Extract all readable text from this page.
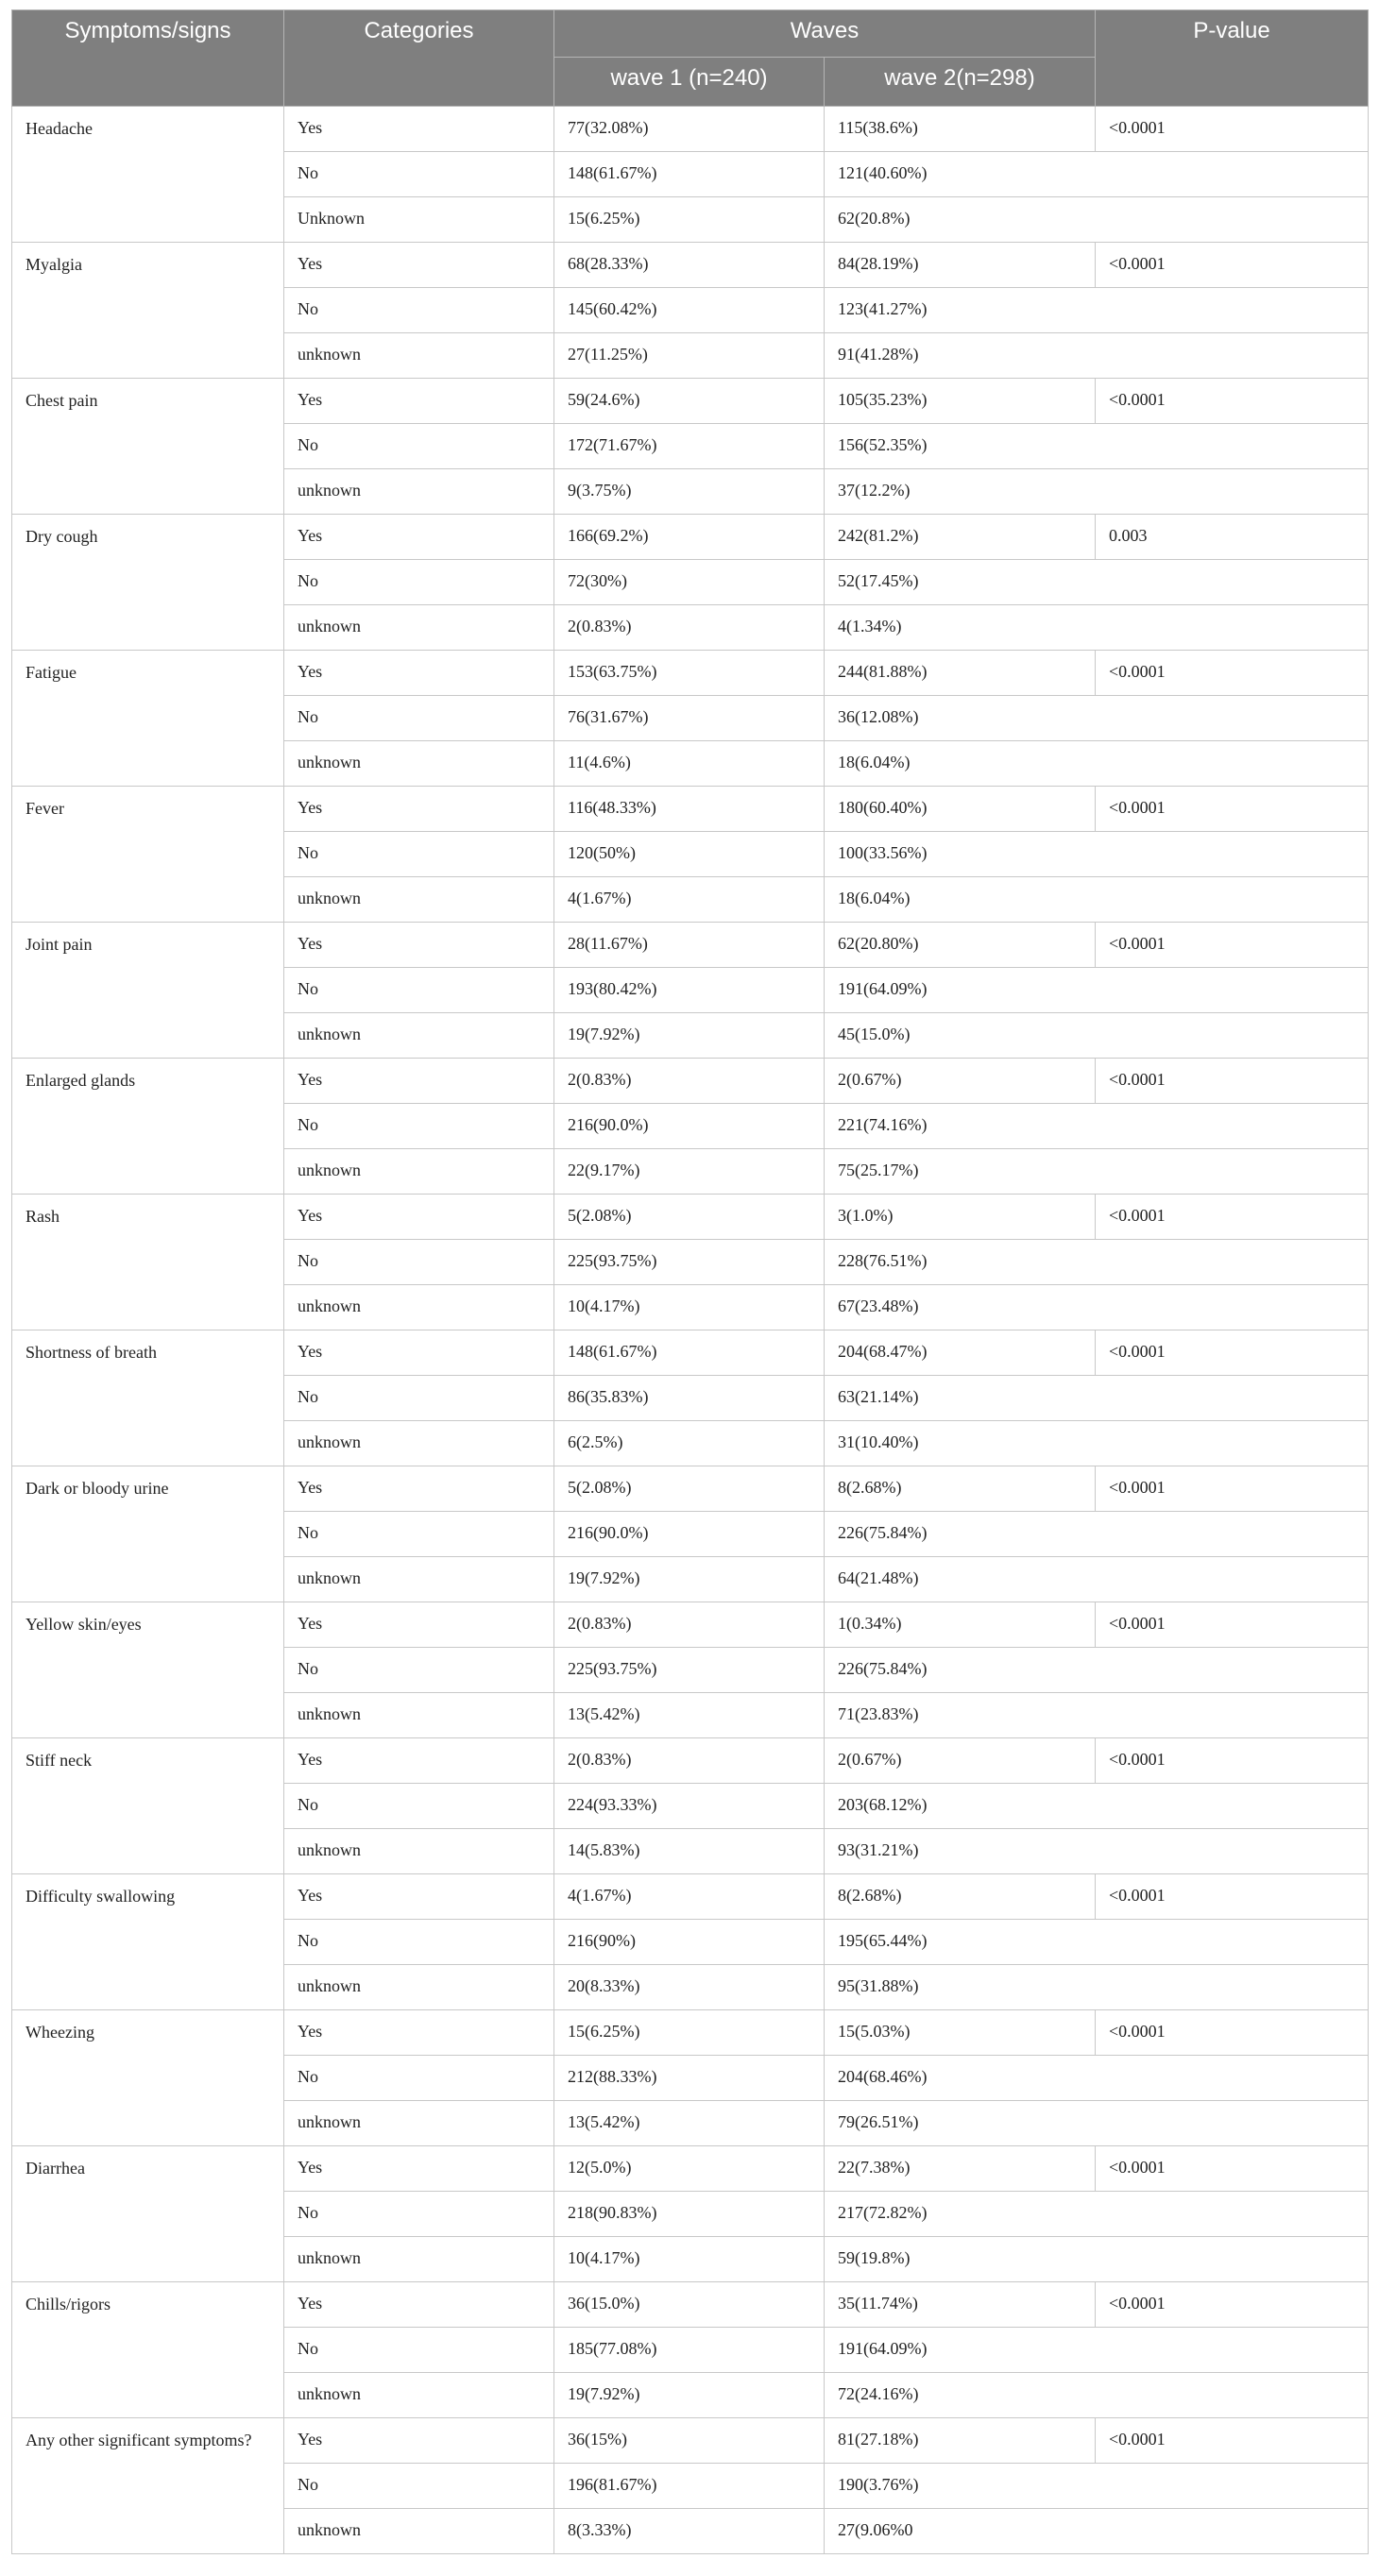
Symptoms/signs	Categories	Waves		P-value
		wave 1 (n=240)	wave 2(n=298)	
Headache	Yes	77(32.08%)	115(38.6%)	<0.0001
	No	148(61.67%)	121(40.60%)	
	Unknown	15(6.25%)	62(20.8%)	
Myalgia	Yes	68(28.33%)	84(28.19%)	<0.0001
	No	145(60.42%)	123(41.27%)	
	unknown	27(11.25%)	91(41.28%)	
Chest pain	Yes	59(24.6%)	105(35.23%)	<0.0001
	No	172(71.67%)	156(52.35%)	
	unknown	9(3.75%)	37(12.2%)	
Dry cough	Yes	166(69.2%)	242(81.2%)	0.003
	No	72(30%)	52(17.45%)	
	unknown	2(0.83%)	4(1.34%)	
Fatigue	Yes	153(63.75%)	244(81.88%)	<0.0001
	No	76(31.67%)	36(12.08%)	
	unknown	11(4.6%)	18(6.04%)	
Fever	Yes	116(48.33%)	180(60.40%)	<0.0001
	No	120(50%)	100(33.56%)	
	unknown	4(1.67%)	18(6.04%)	
Joint pain	Yes	28(11.67%)	62(20.80%)	<0.0001
	No	193(80.42%)	191(64.09%)	
	unknown	19(7.92%)	45(15.0%)	
Enlarged glands	Yes	2(0.83%)	2(0.67%)	<0.0001
	No	216(90.0%)	221(74.16%)	
	unknown	22(9.17%)	75(25.17%)	
Rash	Yes	5(2.08%)	3(1.0%)	<0.0001
	No	225(93.75%)	228(76.51%)	
	unknown	10(4.17%)	67(23.48%)	
Shortness of breath	Yes	148(61.67%)	204(68.47%)	<0.0001
	No	86(35.83%)	63(21.14%)	
	unknown	6(2.5%)	31(10.40%)	
Dark or bloody urine	Yes	5(2.08%)	8(2.68%)	<0.0001
	No	216(90.0%)	226(75.84%)	
	unknown	19(7.92%)	64(21.48%)	
Yellow skin/eyes	Yes	2(0.83%)	1(0.34%)	<0.0001
	No	225(93.75%)	226(75.84%)	
	unknown	13(5.42%)	71(23.83%)	
Stiff neck	Yes	2(0.83%)	2(0.67%)	<0.0001
	No	224(93.33%)	203(68.12%)	
	unknown	14(5.83%)	93(31.21%)	
Difficulty swallowing	Yes	4(1.67%)	8(2.68%)	<0.0001
	No	216(90%)	195(65.44%)	
	unknown	20(8.33%)	95(31.88%)	
Wheezing	Yes	15(6.25%)	15(5.03%)	<0.0001
	No	212(88.33%)	204(68.46%)	
	unknown	13(5.42%)	79(26.51%)	
Diarrhea	Yes	12(5.0%)	22(7.38%)	<0.0001
	No	218(90.83%)	217(72.82%)	
	unknown	10(4.17%)	59(19.8%)	
Chills/rigors	Yes	36(15.0%)	35(11.74%)	<0.0001
	No	185(77.08%)	191(64.09%)	
	unknown	19(7.92%)	72(24.16%)	
Any other significant symptoms?	Yes	36(15%)	81(27.18%)	<0.0001
	No	196(81.67%)	190(3.76%)	
	unknown	8(3.33%)	27(9.06%0	
